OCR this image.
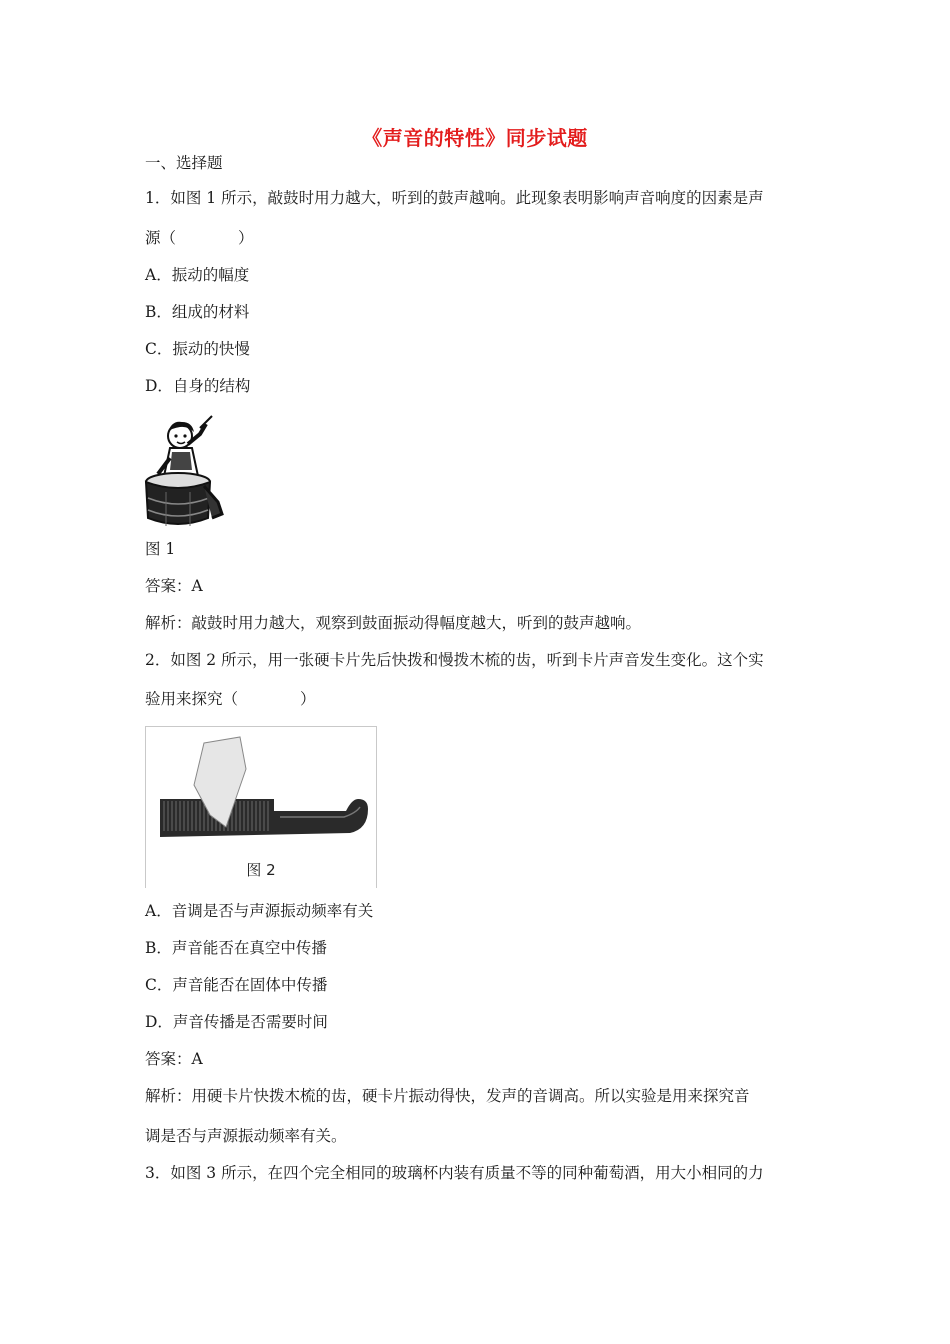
《声音的特性》同步试题
一、选择题
1．如图 1 所示，敲鼓时用力越大，听到的鼓声越响。此现象表明影响声音响度的因素是声
源（　　　　）
A．振动的幅度
B．组成的材料
C．振动的快慢
D．自身的结构
图 1
答案：A
解析：敲鼓时用力越大，观察到鼓面振动得幅度越大，听到的鼓声越响。
2．如图 2 所示，用一张硬卡片先后快拨和慢拨木梳的齿，听到卡片声音发生变化。这个实
验用来探究（　　　　）
图 2
A．音调是否与声源振动频率有关
B．声音能否在真空中传播
C．声音能否在固体中传播
D．声音传播是否需要时间
答案：A
解析：用硬卡片快拨木梳的齿，硬卡片振动得快，发声的音调高。所以实验是用来探究音
调是否与声源振动频率有关。
3．如图 3 所示，在四个完全相同的玻璃杯内装有质量不等的同种葡萄酒，用大小相同的力
